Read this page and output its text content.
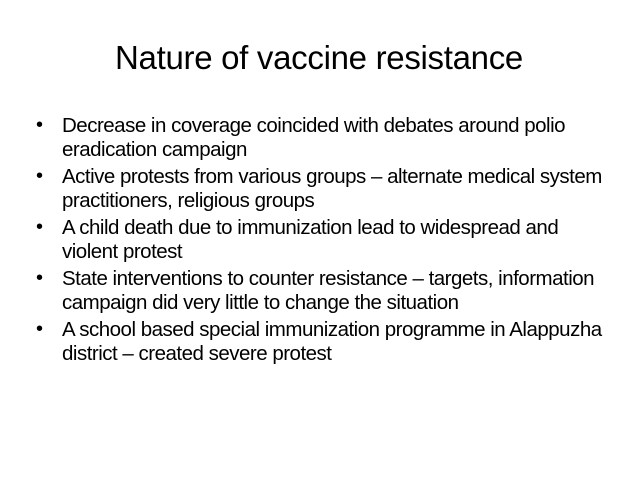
Nature of vaccine resistance
• Decrease in coverage coincided with debates around polio eradication campaign
• Active protests from various groups – alternate medical system practitioners, religious groups
• A child death due to immunization lead to widespread and violent protest
• State interventions to counter resistance – targets, information campaign did very little to change the situation
• A school based special immunization programme in Alappuzha district – created severe protest
